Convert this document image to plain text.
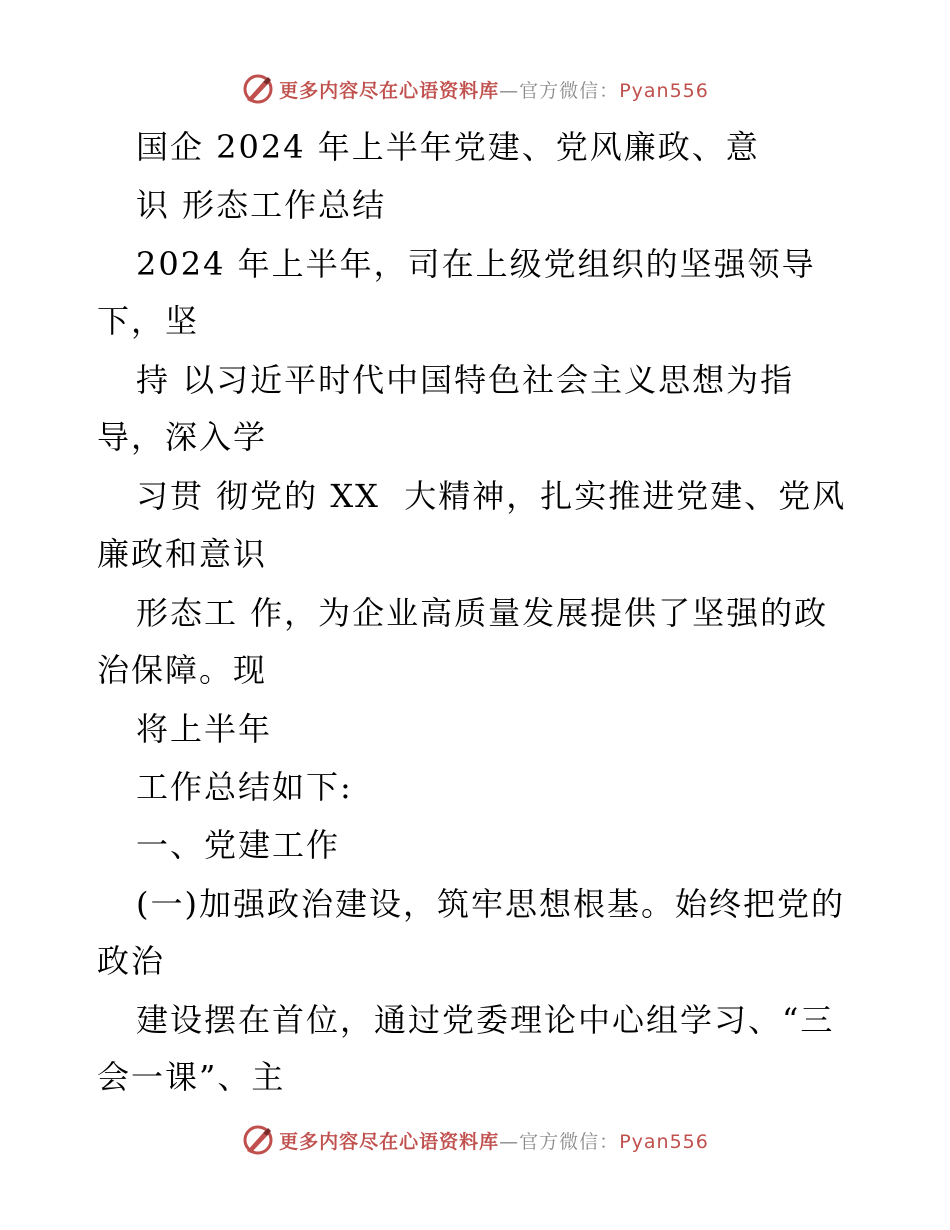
更多内容尽在心语资料库—官方微信：Pyan556
国企 2024 年上半年党建、党风廉政、意
识 形态工作总结
2024 年上半年，司在上级党组织的坚强领导
下，坚
持 以习近平时代中国特色社会主义思想为指
导，深入学
习贯 彻党的 XX  大精神，扎实推进党建、党风
廉政和意识
形态工 作，为企业高质量发展提供了坚强的政
治保障。现
将上半年
工作总结如下:
一、党建工作
(一)加强政治建设，筑牢思想根基。始终把党的
政治
建设摆在首位，通过党委理论中心组学习、“三
会一课”、主
更多内容尽在心语资料库—官方微信：Pyan556
